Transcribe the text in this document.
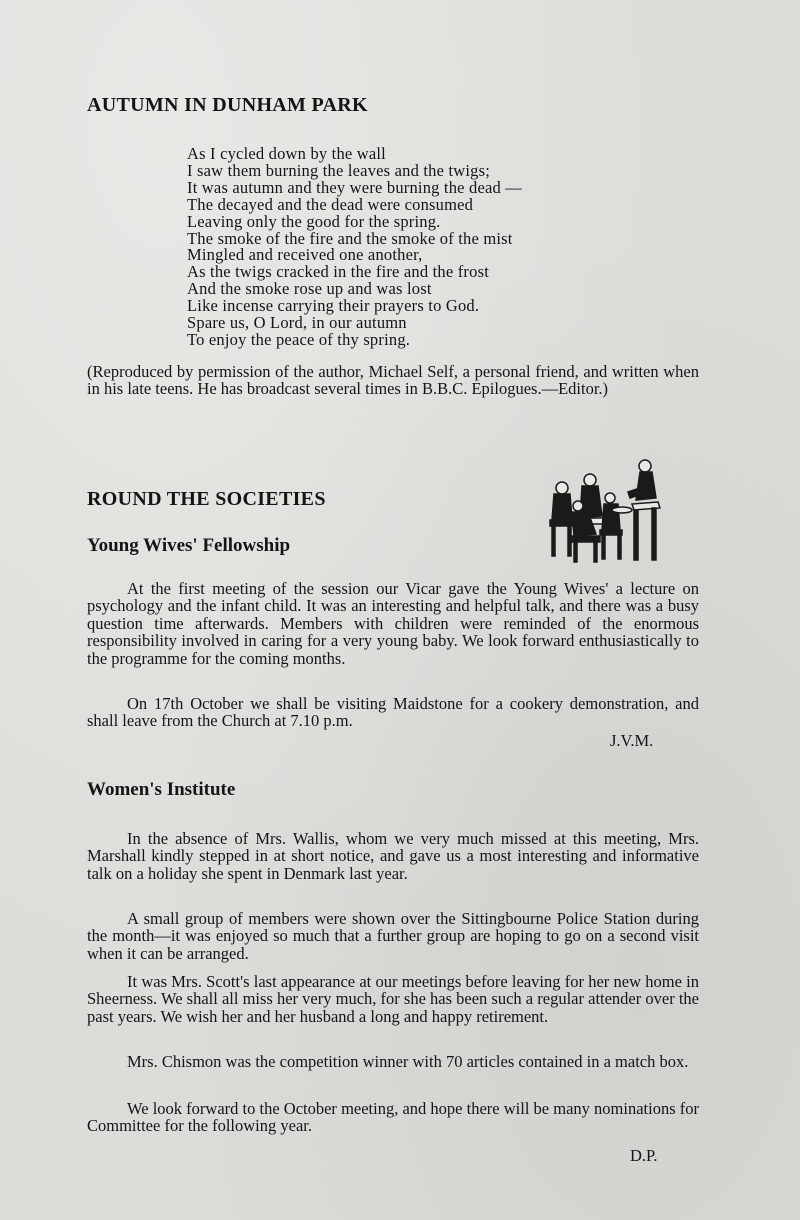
AUTUMN IN DUNHAM PARK
As I cycled down by the wall
I saw them burning the leaves and the twigs;
It was autumn and they were burning the dead —
The decayed and the dead were consumed
Leaving only the good for the spring.
The smoke of the fire and the smoke of the mist
Mingled and received one another,
As the twigs cracked in the fire and the frost
And the smoke rose up and was lost
Like incense carrying their prayers to God.
Spare us, O Lord, in our autumn
To enjoy the peace of thy spring.

(Reproduced by permission of the author, Michael Self, a personal friend, and written when in his late teens. He has broadcast several times in B.B.C. Epilogues.—Editor.)

ROUND THE SOCIETIES
Young Wives' Fellowship

At the first meeting of the session our Vicar gave the Young Wives' a lecture on psychology and the infant child. It was an interesting and helpful talk, and there was a busy question time afterwards. Members with children were reminded of the enormous responsibility involved in caring for a very young baby. We look forward enthusiastically to the programme for the coming months.

On 17th October we shall be visiting Maidstone for a cookery demonstration, and shall leave from the Church at 7.10 p.m.

J.V.M.

Women's Institute

In the absence of Mrs. Wallis, whom we very much missed at this meeting, Mrs. Marshall kindly stepped in at short notice, and gave us a most interesting and informative talk on a holiday she spent in Denmark last year.

A small group of members were shown over the Sittingbourne Police Station during the month—it was enjoyed so much that a further group are hoping to go on a second visit when it can be arranged.

It was Mrs. Scott's last appearance at our meetings before leaving for her new home in Sheerness. We shall all miss her very much, for she has been such a regular attender over the past years. We wish her and her husband a long and happy retirement.

Mrs. Chismon was the competition winner with 70 articles contained in a match box.

We look forward to the October meeting, and hope there will be many nominations for Committee for the following year.

D.P.
